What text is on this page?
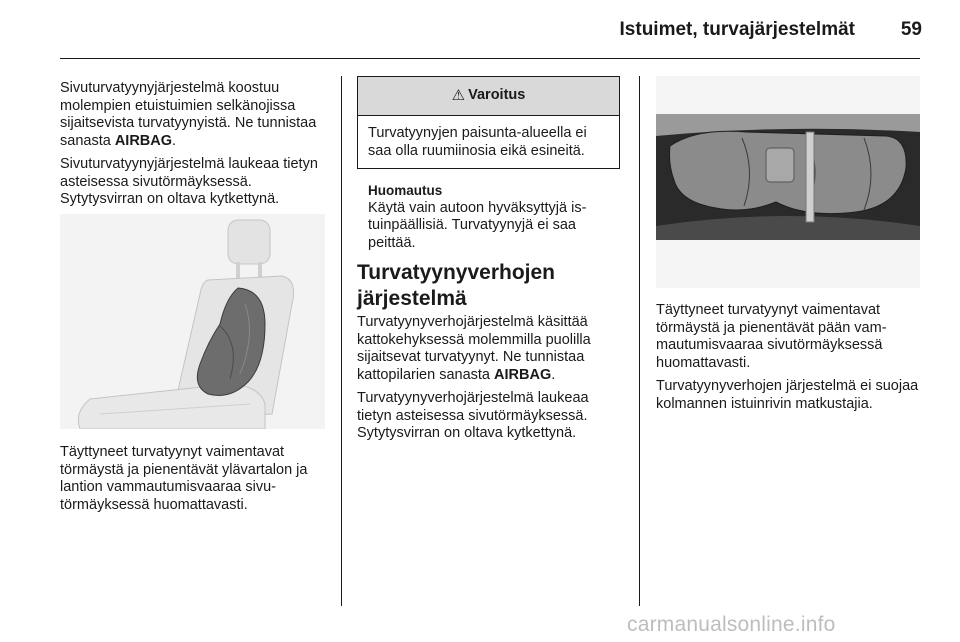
Istuimet, turvajärjestelmät	59

Sivuturvatyynyjärjestelmä koostuu molempien etuistuimien selkänojissa sijaitsevista turvatyynyistä. Ne tunnistaa sanasta AIRBAG.

Sivuturvatyynyjärjestelmä laukeaa tietyn asteisessa sivutörmäyksessä. Sytytysvirran on oltava kytkettynä.

Täyttyneet turvatyynyt vaimentavat törmäystä ja pienentävät ylävartalon ja lantion vammautumisvaaraa sivutörmäyksessä huomattavasti.

⚠ Varoitus
Turvatyynyjen paisunta-alueella ei saa olla ruumiinosia eikä esineitä.
Huomautus
Käytä vain autoon hyväksyttyjä istuinpäällisiä. Turvatyynyjä ei saa peittää.
Turvatyynyverhojen järjestelmä

Turvatyynyverhojärjestelmä käsittää kattokehyksessä molemmilla puolilla sijaitsevat turvatyynyt. Ne tunnistaa kattopilarien sanasta AIRBAG.

Turvatyynyverhojärjestelmä laukeaa tietyn asteisessa sivutörmäyksessä. Sytytysvirran on oltava kytkettynä.

Täyttyneet turvatyynyt vaimentavat törmäystä ja pienentävät pään vammautumisvaaraa sivutörmäyksessä huomattavasti.

Turvatyynyverhojen järjestelmä ei suojaa kolmannen istuinrivin matkustajia.

carmanualsonline.info
